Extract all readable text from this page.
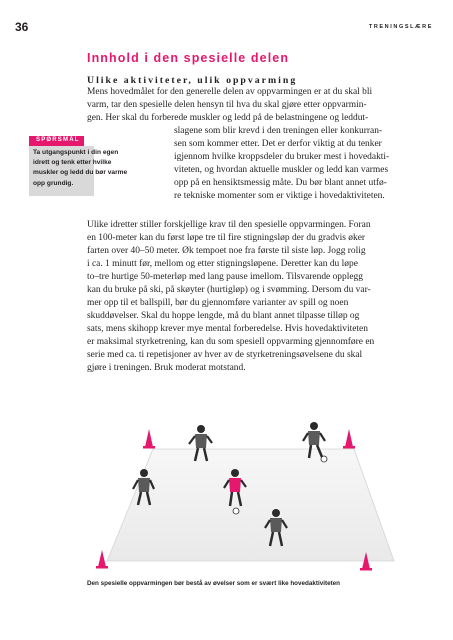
36	TRENINGSLÆRE
Innhold i den spesielle delen
Ulike aktiviteter, ulik oppvarming
Mens hovedmålet for den generelle delen av oppvarmingen er at du skal bli
varm, tar den spesielle delen hensyn til hva du skal gjøre etter oppvarmin-
gen. Her skal du forberede muskler og ledd på de belastningene og leddut-
slagene som blir krevd i den treningen eller konkurran-
sen som kommer etter. Det er derfor viktig at du tenker
igjennom hvilke kroppsdeler du bruker mest i hovedakti-
viteten, og hvordan aktuelle muskler og ledd kan varmes
opp på en hensiktsmessig måte. Du bør blant annet utfø-
re tekniske momenter som er viktige i hovedaktiviteten.
SPØRSMÅL
Ta utgangspunkt i din egen
idrett og tenk etter hvilke
muskler og ledd du bør varme
opp grundig.
Ulike idretter stiller forskjellige krav til den spesielle oppvarmingen. Foran
en 100-meter kan du først løpe tre til fire stigningsløp der du gradvis øker
farten over 40–50 meter. Øk tempoet noe fra første til siste løp. Jogg rolig
i ca. 1 minutt før, mellom og etter stigningsløpene. Deretter kan du løpe
to–tre hurtige 50-meterløp med lang pause imellom. Tilsvarende opplegg
kan du bruke på ski, på skøyter (hurtigløp) og i svømming. Dersom du var-
mer opp til et ballspill, bør du gjennomføre varianter av spill og noen
skuddøvelser. Skal du hoppe lengde, må du blant annet tilpasse tilløp og
sats, mens skihopp krever mye mental forberedelse. Hvis hovedaktiviteten
er maksimal styrketrening, kan du som spesiell oppvarming gjennomføre en
serie med ca. ti repetisjoner av hver av de styrketreningsøvelsene du skal
gjøre i treningen. Bruk moderat motstand.
Den spesielle oppvarmingen bør bestå av øvelser som er svært like hovedaktiviteten
